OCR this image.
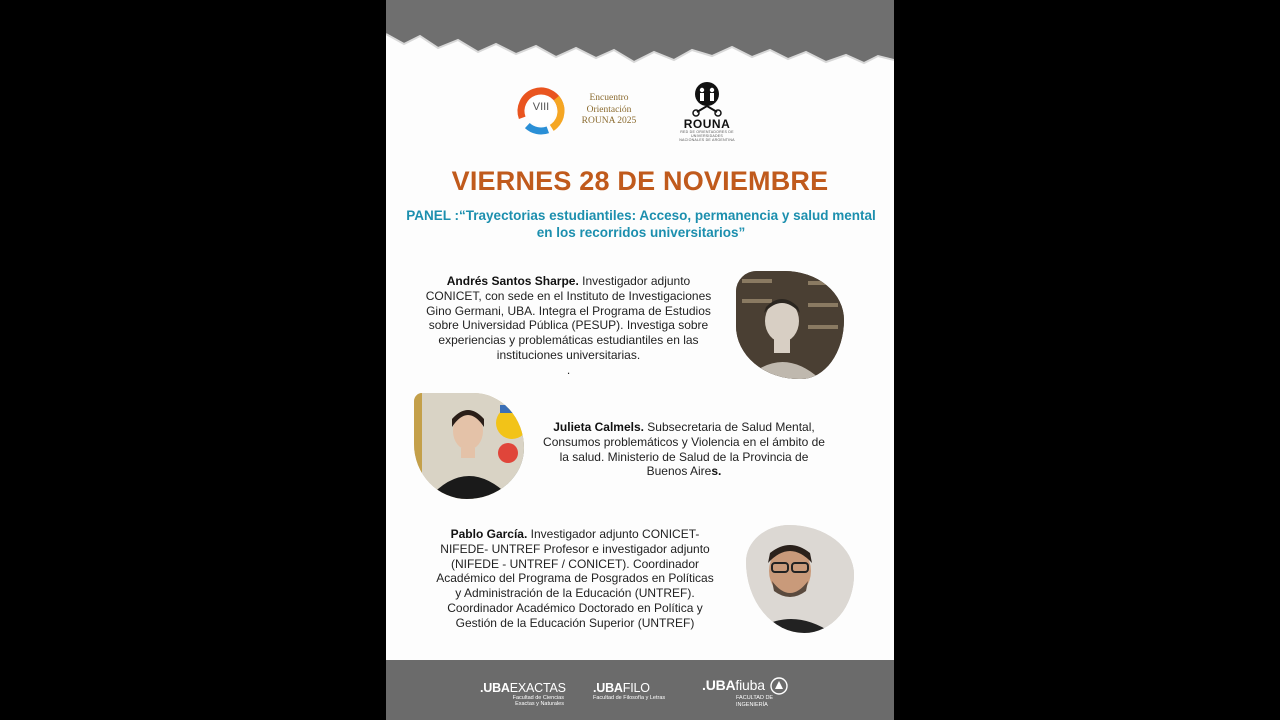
VIII
Encuentro
Orientación
ROUNA 2025	ROUNA
RED DE ORIENTADORES DE UNIVERSIDADES
NACIONALES DE ARGENTINA
VIERNES 28 DE NOVIEMBRE
PANEL :“Trayectorias estudiantiles: Acceso, permanencia y salud mental
en los recorridos universitarios”
Andrés Santos Sharpe. Investigador adjunto
CONICET, con sede en el Instituto de Investigaciones
Gino Germani, UBA. Integra el Programa de Estudios
sobre Universidad Pública (PESUP). Investiga sobre
experiencias y problemáticas estudiantiles en las
instituciones universitarias.
.
Julieta Calmels. Subsecretaria de Salud Mental,
Consumos problemáticos y Violencia en el ámbito de
la salud. Ministerio de Salud de la Provincia de
Buenos Aires.
Pablo García. Investigador adjunto CONICET-
NIFEDE- UNTREF Profesor e investigador adjunto
(NIFEDE - UNTREF / CONICET). Coordinador
Académico del Programa de Posgrados en Políticas
y Administración de la Educación (UNTREF).
Coordinador Académico Doctorado en Política y
Gestión de la Educación Superior (UNTREF)
.UBAEXACTAS
Facultad de Ciencias
Exactas y Naturales
.UBAFILO
Facultad de Filosofía y Letras
.UBAfiuba
FACULTAD DE INGENIERÍA
